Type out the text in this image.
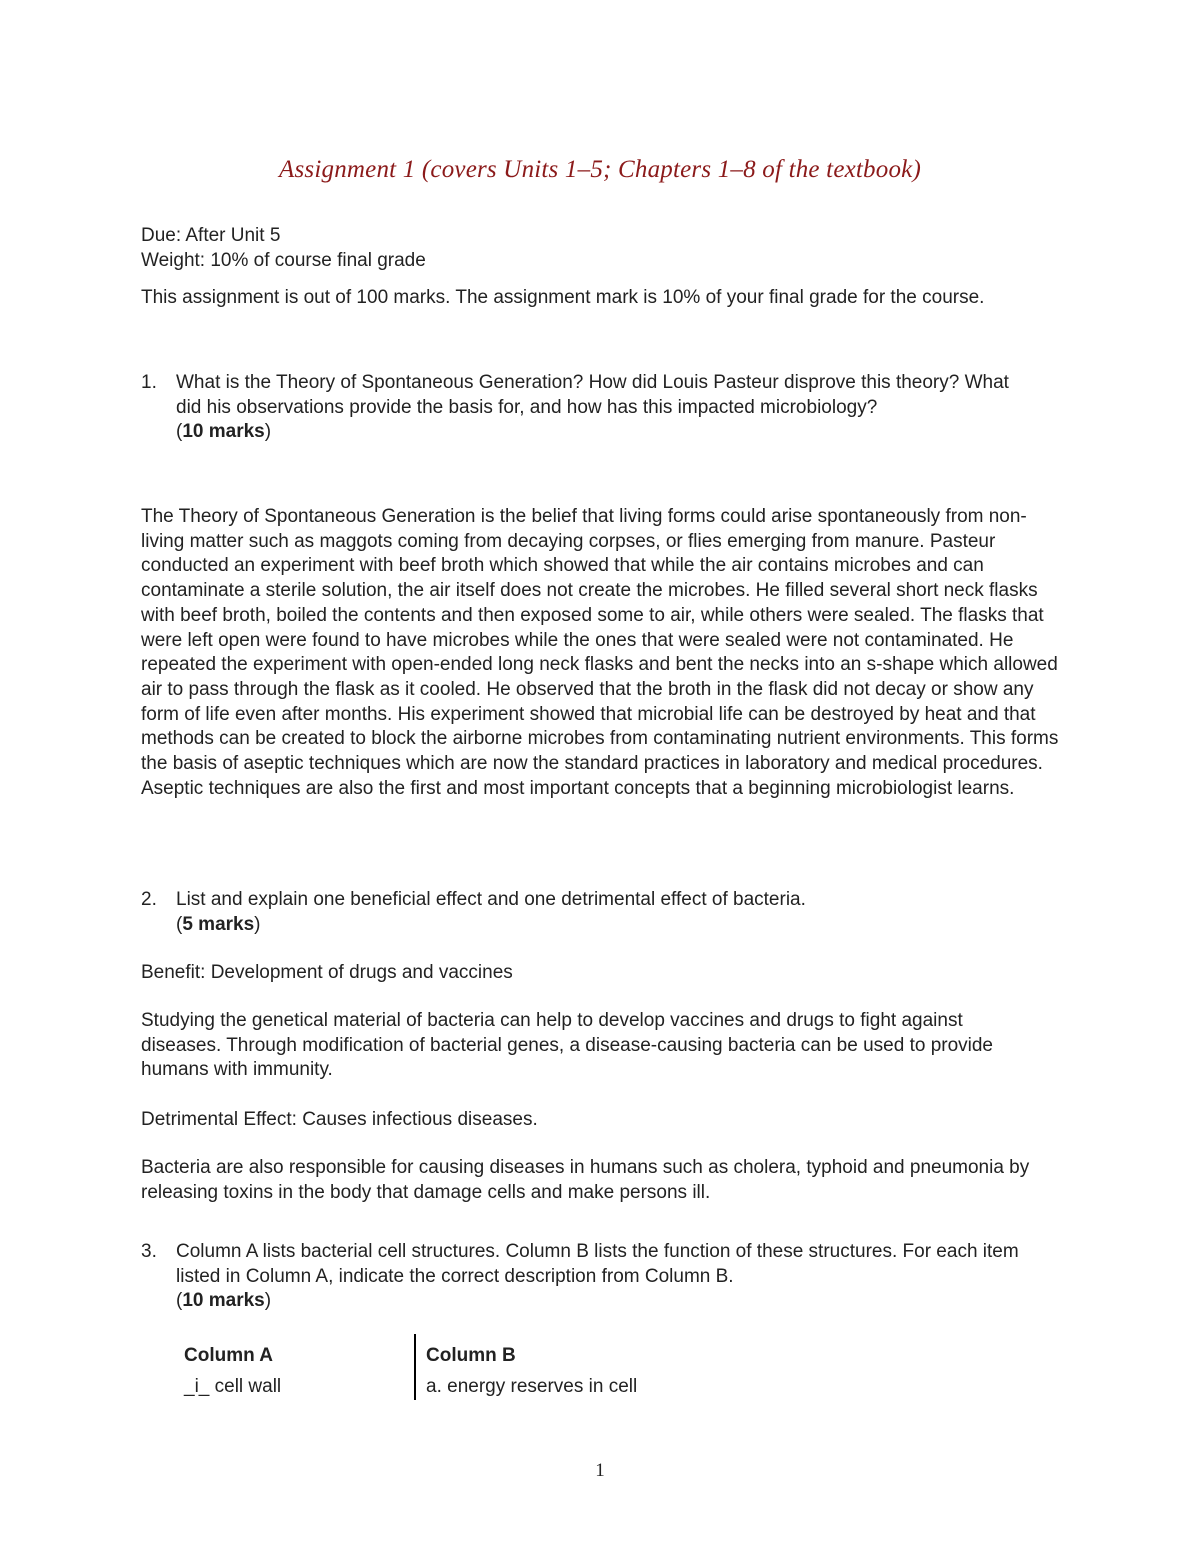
Assignment 1 (covers Units 1–5; Chapters 1–8 of the textbook)
Due: After Unit 5
Weight: 10% of course final grade
This assignment is out of 100 marks. The assignment mark is 10% of your final grade for the course.
1.	What is the Theory of Spontaneous Generation? How did Louis Pasteur disprove this theory? What did his observations provide the basis for, and how has this impacted microbiology?
(10 marks)
The Theory of Spontaneous Generation is the belief that living forms could arise spontaneously from non-living matter such as maggots coming from decaying corpses, or flies emerging from manure. Pasteur conducted an experiment with beef broth which showed that while the air contains microbes and can contaminate a sterile solution, the air itself does not create the microbes. He filled several short neck flasks with beef broth, boiled the contents and then exposed some to air, while others were sealed. The flasks that were left open were found to have microbes while the ones that were sealed were not contaminated. He repeated the experiment with open-ended long neck flasks and bent the necks into an s-shape which allowed air to pass through the flask as it cooled. He observed that the broth in the flask did not decay or show any form of life even after months. His experiment showed that microbial life can be destroyed by heat and that methods can be created to block the airborne microbes from contaminating nutrient environments. This forms the basis of aseptic techniques which are now the standard practices in laboratory and medical procedures. Aseptic techniques are also the first and most important concepts that a beginning microbiologist learns.
2.	List and explain one beneficial effect and one detrimental effect of bacteria.
(5 marks)
Benefit: Development of drugs and vaccines
Studying the genetical material of bacteria can help to develop vaccines and drugs to fight against diseases. Through modification of bacterial genes, a disease-causing bacteria can be used to provide humans with immunity.
Detrimental Effect: Causes infectious diseases.
Bacteria are also responsible for causing diseases in humans such as cholera, typhoid and pneumonia by releasing toxins in the body that damage cells and make persons ill.
3.	Column A lists bacterial cell structures. Column B lists the function of these structures. For each item listed in Column A, indicate the correct description from Column B.
(10 marks)
Column A	Column B
_i_ cell wall	a. energy reserves in cell
1
